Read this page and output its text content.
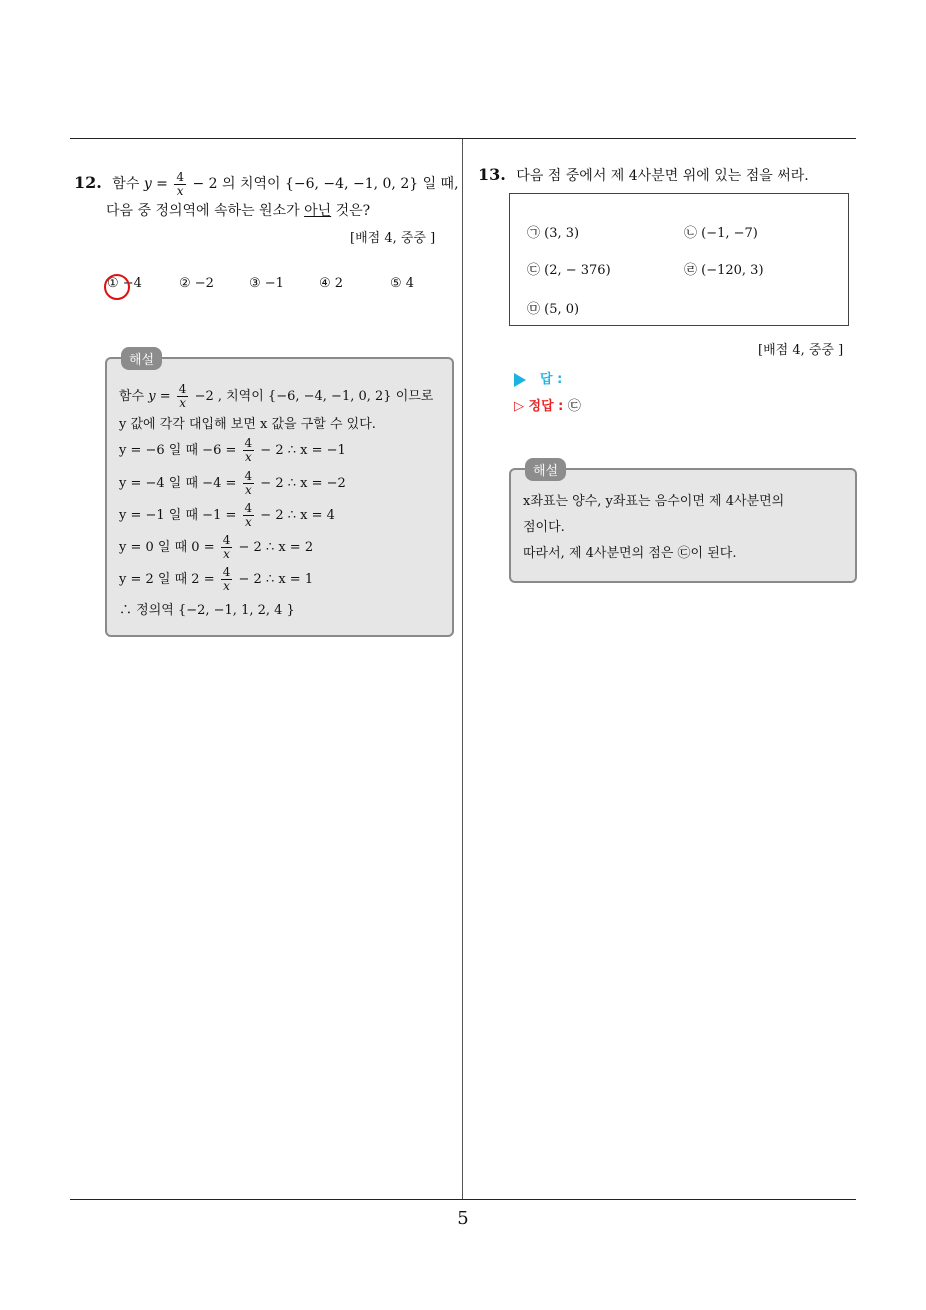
5
12. 함수 $y = \frac{4}{x} - 2$ 의 치역이 {−6, −4, −1, 0, 2} 일 때,
다음 중 정의역에 속하는 원소가 아닌 것은?
[배점 4, 중중 ]
① −4	② −2	③ −1	④ 2	⑤ 4
해설
함수 $y = \frac{4}{x} -2$ , 치역이 {−6, −4, −1, 0, 2} 이므로
y 값에 각각 대입해 보면 x 값을 구할 수 있다.
y = −6 일 때 $-6 = \frac{4}{x} - 2$ ∴ x = −1
y = −4 일 때 $-4 = \frac{4}{x} - 2$ ∴ x = −2
y = −1 일 때 $-1 = \frac{4}{x} - 2$ ∴ x = 4
y = 0 일 때 $0 = \frac{4}{x} - 2$ ∴ x = 2
y = 2 일 때 $2 = \frac{4}{x} - 2$ ∴ x = 1
∴ 정의역 {−2, −1, 1, 2, 4 }
13. 다음 점 중에서 제 4사분면 위에 있는 점을 써라.
㉠ (3, 3)	㉡ (−1, −7)
㉢ (2, − 376)	㉣ (−120, 3)
㉤ (5, 0)
[배점 4, 중중 ]
답 :
▷ 정답 : ㉢
해설
x좌표는 양수, y좌표는 음수이면 제 4사분면의
점이다.
따라서, 제 4사분면의 점은 ㉢이 된다.
